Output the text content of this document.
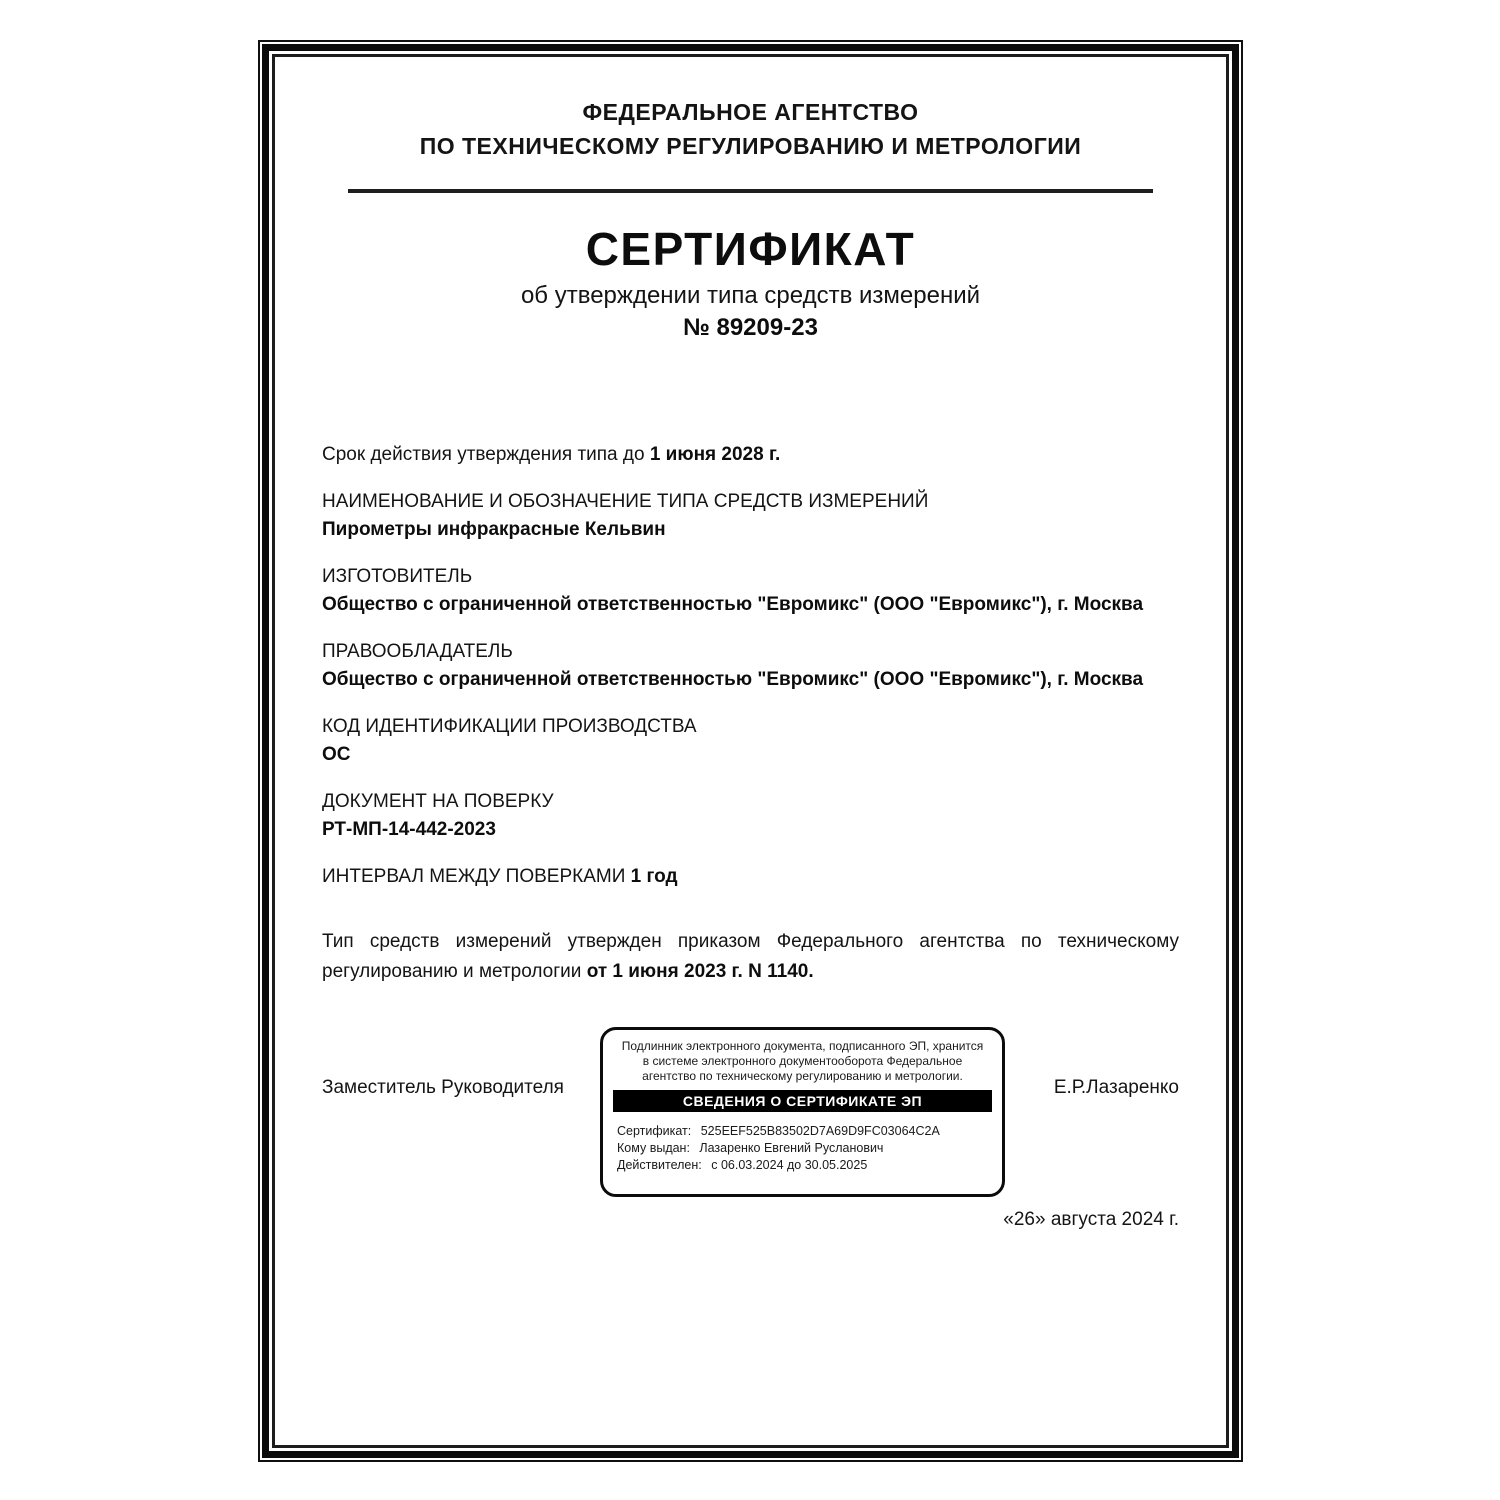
ФЕДЕРАЛЬНОЕ АГЕНТСТВО
ПО ТЕХНИЧЕСКОМУ РЕГУЛИРОВАНИЮ И МЕТРОЛОГИИ
СЕРТИФИКАТ
об утверждении типа средств измерений
№ 89209-23
Срок действия утверждения типа до 1 июня 2028 г.
НАИМЕНОВАНИЕ И ОБОЗНАЧЕНИЕ ТИПА СРЕДСТВ ИЗМЕРЕНИЙ
Пирометры инфракрасные Кельвин
ИЗГОТОВИТЕЛЬ
Общество с ограниченной ответственностью "Евромикс" (ООО "Евромикс"), г. Москва
ПРАВООБЛАДАТЕЛЬ
Общество с ограниченной ответственностью "Евромикс" (ООО "Евромикс"), г. Москва
КОД ИДЕНТИФИКАЦИИ ПРОИЗВОДСТВА
ОС
ДОКУМЕНТ НА ПОВЕРКУ
РТ-МП-14-442-2023
ИНТЕРВАЛ МЕЖДУ ПОВЕРКАМИ 1 год

Тип средств измерений утвержден приказом Федерального агентства по техническому регулированию и метрологии от 1 июня 2023 г. N 1140.

Заместитель Руководителя
Подлинник электронного документа, подписанного ЭП, хранится в системе электронного документооборота Федеральное агентство по техническому регулированию и метрологии.
СВЕДЕНИЯ О СЕРТИФИКАТЕ ЭП
Сертификат: 525EEF525B83502D7A69D9FC03064C2A
Кому выдан: Лазаренко Евгений Русланович
Действителен: с 06.03.2024 до 30.05.2025
Е.Р.Лазаренко
«26» августа 2024 г.
